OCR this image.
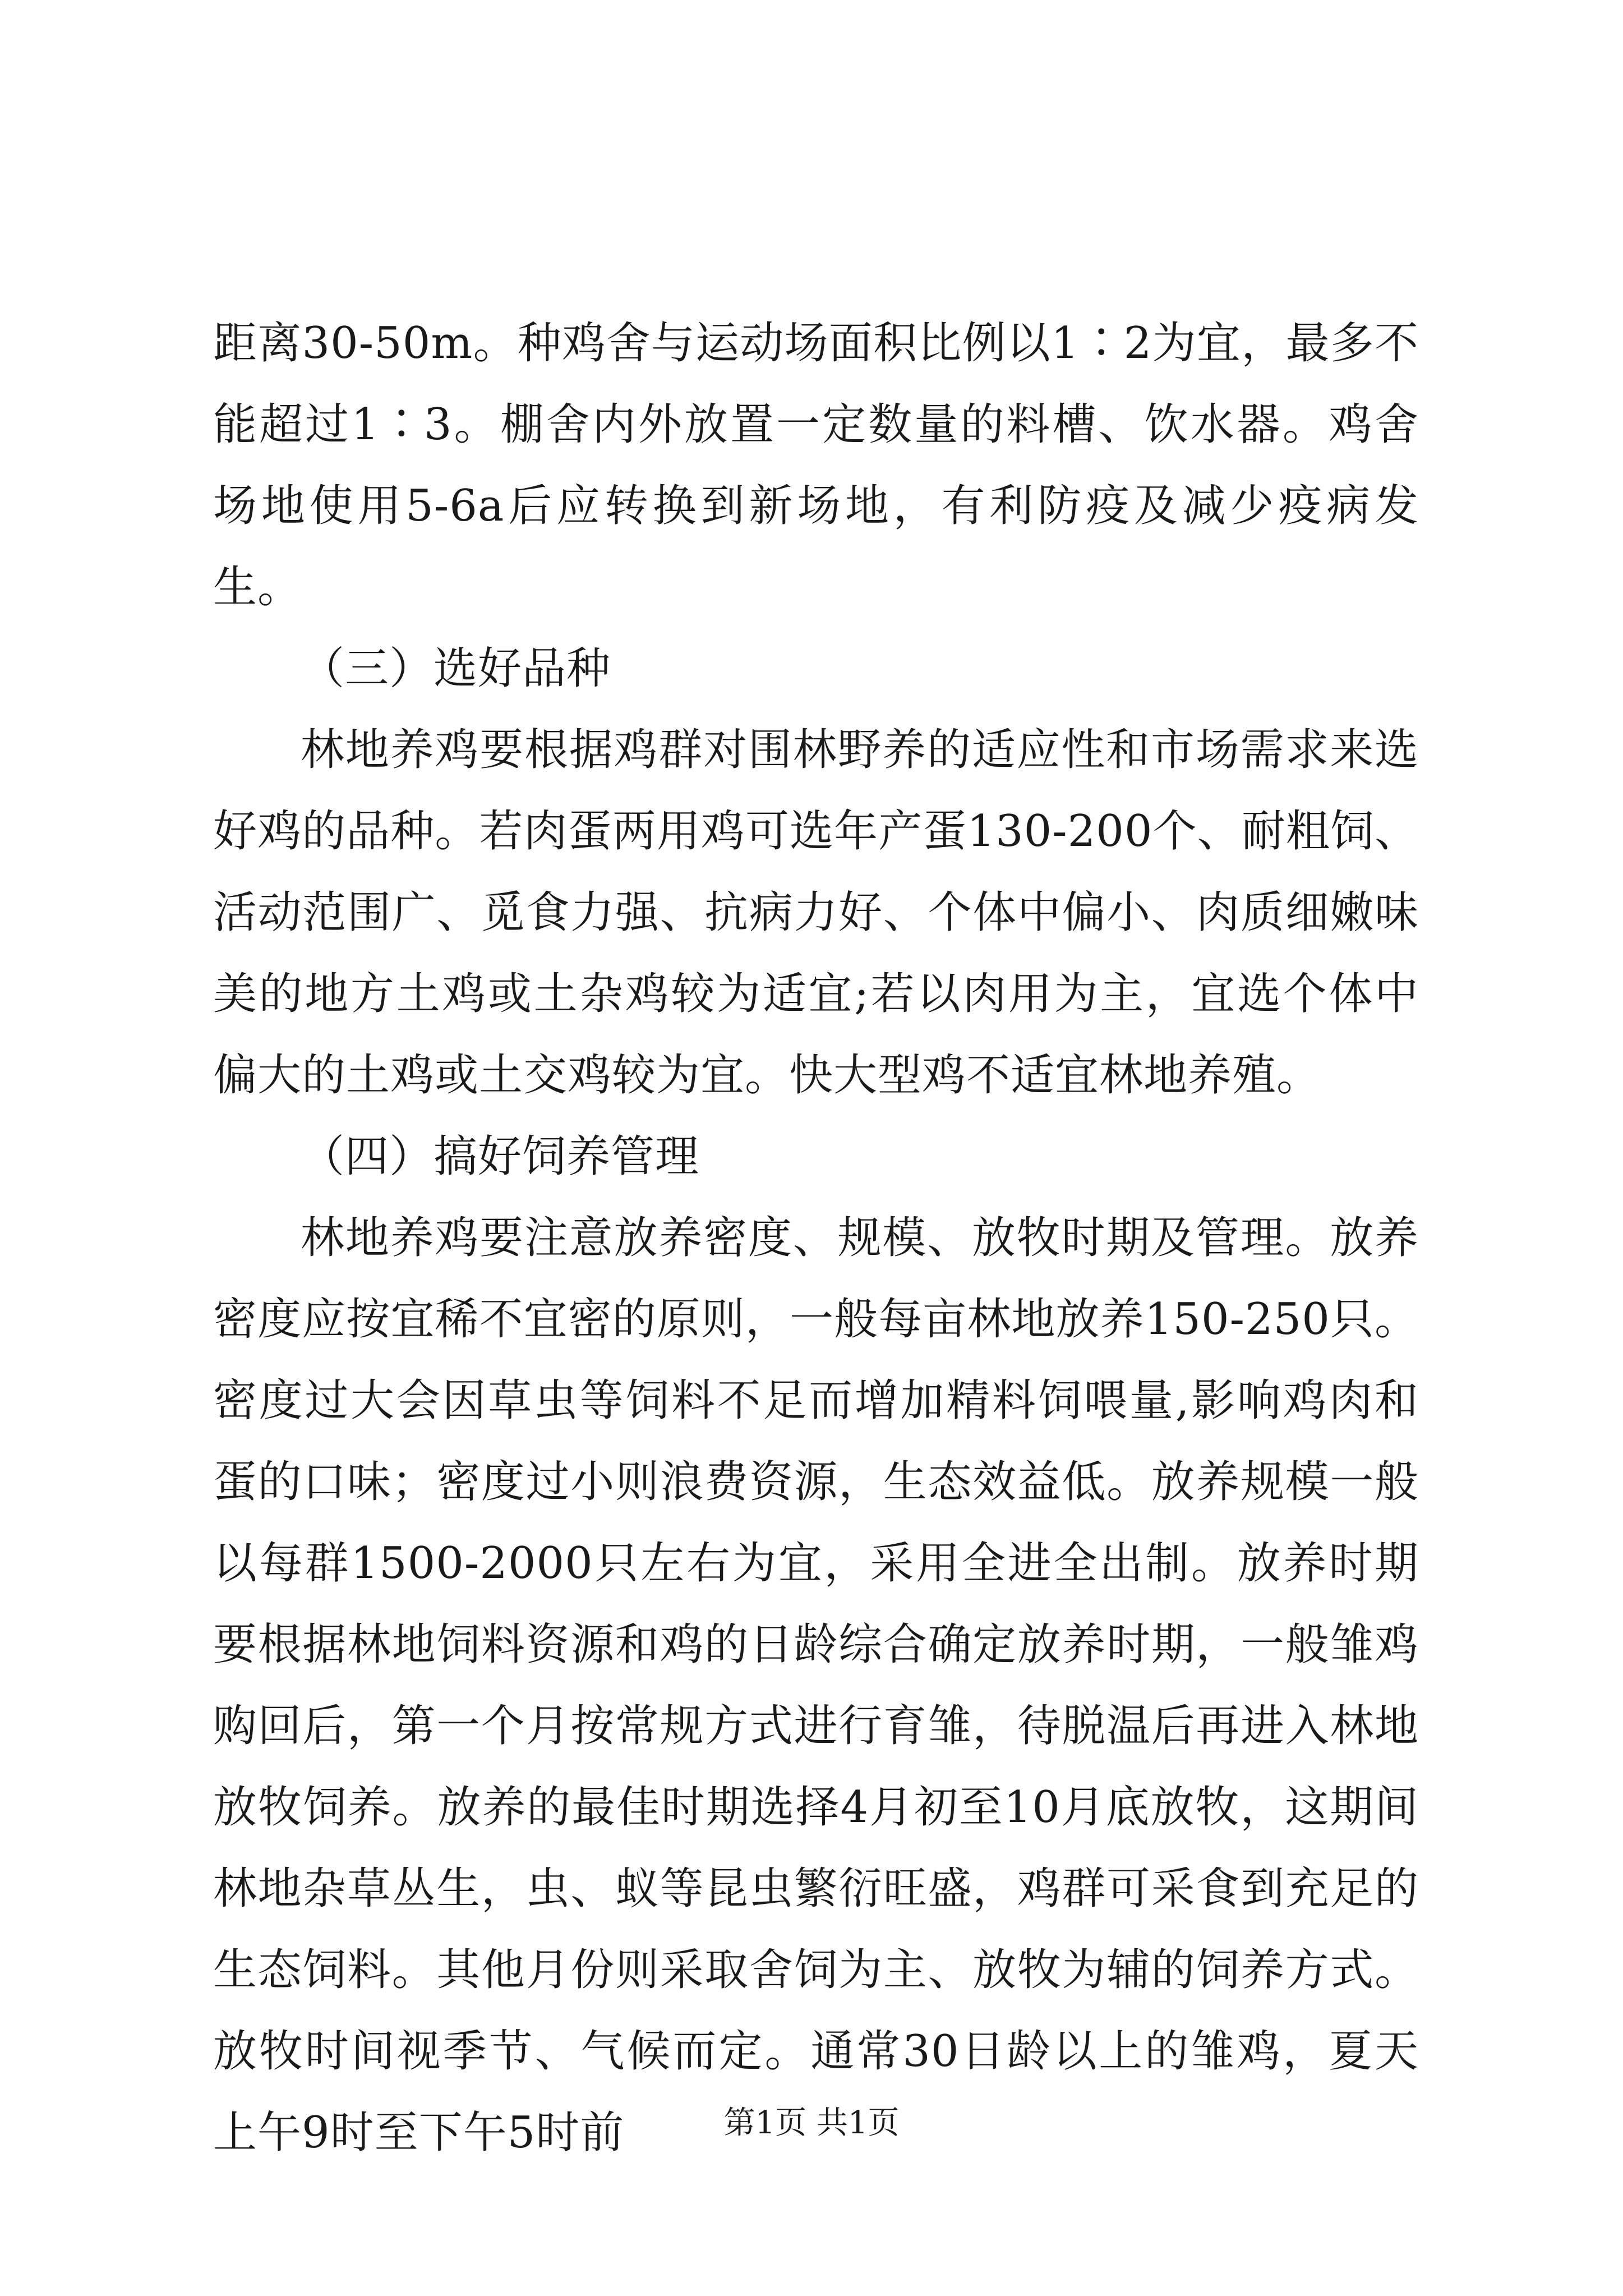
距离30-50m。种鸡舍与运动场面积比例以1∶2为宜，最多不能超过1∶3。棚舍内外放置一定数量的料槽、饮水器。鸡舍场地使用5-6a后应转换到新场地，有利防疫及减少疫病发生。

（三）选好品种

林地养鸡要根据鸡群对围林野养的适应性和市场需求来选好鸡的品种。若肉蛋两用鸡可选年产蛋130-200个、耐粗饲、活动范围广、觅食力强、抗病力好、个体中偏小、肉质细嫩味美的地方土鸡或土杂鸡较为适宜;若以肉用为主，宜选个体中偏大的土鸡或土交鸡较为宜。快大型鸡不适宜林地养殖。

（四）搞好饲养管理

林地养鸡要注意放养密度、规模、放牧时期及管理。放养密度应按宜稀不宜密的原则，一般每亩林地放养150-250只。密度过大会因草虫等饲料不足而增加精料饲喂量,影响鸡肉和蛋的口味；密度过小则浪费资源，生态效益低。放养规模一般以每群1500-2000只左右为宜，采用全进全出制。放养时期要根据林地饲料资源和鸡的日龄综合确定放养时期，一般雏鸡购回后，第一个月按常规方式进行育雏，待脱温后再进入林地放牧饲养。放养的最佳时期选择4月初至10月底放牧，这期间林地杂草丛生，虫、蚁等昆虫繁衍旺盛，鸡群可采食到充足的生态饲料。其他月份则采取舍饲为主、放牧为辅的饲养方式。放牧时间视季节、气候而定。通常30日龄以上的雏鸡，夏天上午9时至下午5时前	第1页 共1页
